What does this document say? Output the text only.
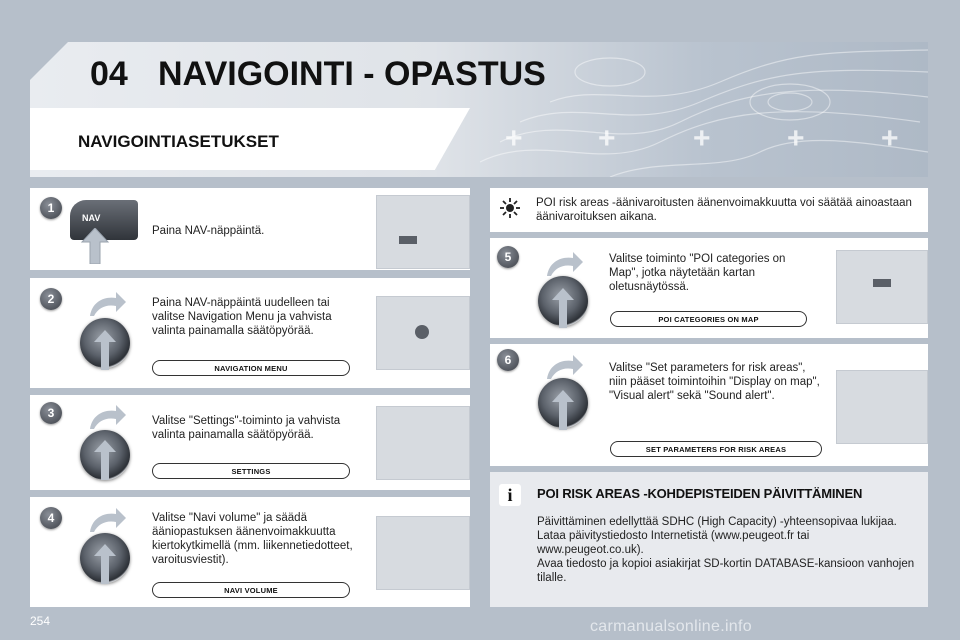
04 NAVIGOINTI - OPASTUS
NAVIGOINTIASETUKSET	+	+	+	+	+
1
NAV
Paina NAV-näppäintä.
2	Paina NAV-näppäintä uudelleen tai valitse Navigation Menu ja vahvista valinta painamalla säätöpyörää.
NAVIGATION MENU
3
Valitse "Settings"-toiminto ja vahvista valinta painamalla säätöpyörää.
SETTINGS
4	Valitse "Navi volume" ja säädä ääniopastuksen äänenvoimakkuutta kiertokytkimellä (mm. liikennetiedotteet, varoitusviestit).
NAVI VOLUME
POI risk areas -äänivaroitusten äänenvoimakkuutta voi säätää ainoastaan äänivaroituksen aikana.
5	Valitse toiminto "POI categories on Map", jotka näytetään kartan oletusnäytössä.
POI CATEGORIES ON MAP
6
Valitse "Set parameters for risk areas", niin pääset toimintoihin "Display on map", "Visual alert" sekä "Sound alert".
SET PARAMETERS FOR RISK AREAS
i	POI RISK AREAS -KOHDEPISTEIDEN PÄIVITTÄMINEN
Päivittäminen edellyttää SDHC (High Capacity) -yhteensopivaa lukijaa.
Lataa päivitystiedosto Internetistä (www.peugeot.fr tai www.peugeot.co.uk).
Avaa tiedosto ja kopioi asiakirjat SD-kortin DATABASE-kansioon vanhojen tilalle.
254	carmanualsonline.info
